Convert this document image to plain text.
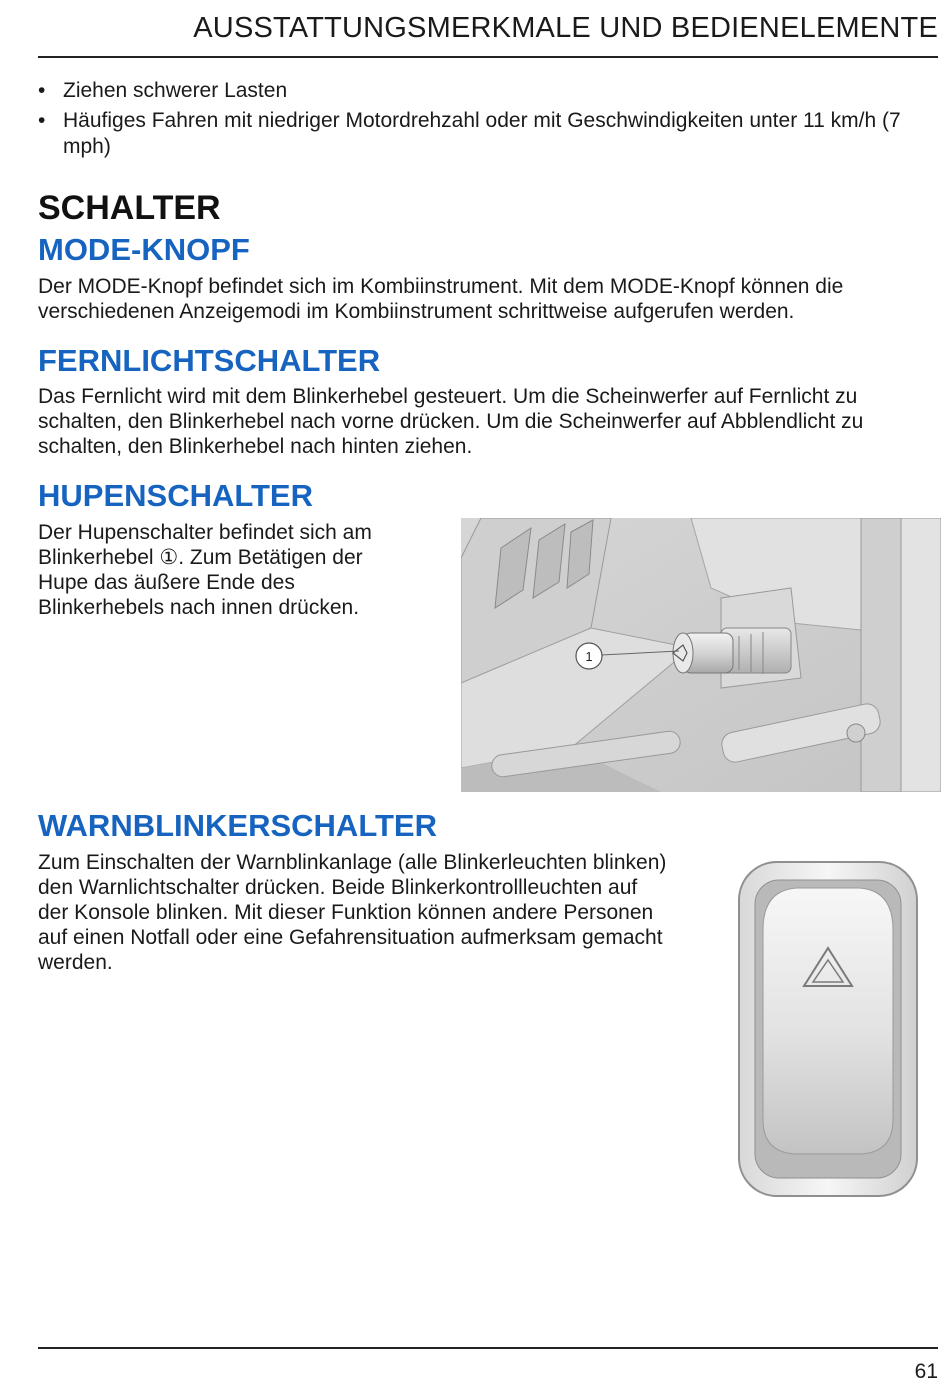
AUSSTATTUNGSMERKMALE UND BEDIENELEMENTE
• Ziehen schwerer Lasten
• Häufiges Fahren mit niedriger Motordrehzahl oder mit Geschwindigkeiten unter 11 km/h (7 mph)
SCHALTER
MODE-KNOPF

Der MODE-Knopf befindet sich im Kombiinstrument. Mit dem MODE-Knopf können die verschiedenen Anzeigemodi im Kombiinstrument schrittweise aufgerufen werden.

FERNLICHTSCHALTER

Das Fernlicht wird mit dem Blinkerhebel gesteuert. Um die Scheinwerfer auf Fernlicht zu schalten, den Blinkerhebel nach vorne drücken. Um die Scheinwerfer auf Abblendlicht zu schalten, den Blinkerhebel nach hinten ziehen.

HUPENSCHALTER

Der Hupenschalter befindet sich am Blinkerhebel ①. Zum Betätigen der Hupe das äußere Ende des Blinkerhebels nach innen drücken.

1
WARNBLINKERSCHALTER

Zum Einschalten der Warnblinkanlage (alle Blinkerleuchten blinken) den Warnlichtschalter drücken. Beide Blinkerkontrollleuchten auf der Konsole blinken. Mit dieser Funktion können andere Personen auf einen Notfall oder eine Gefahrensituation aufmerksam gemacht werden.

61
